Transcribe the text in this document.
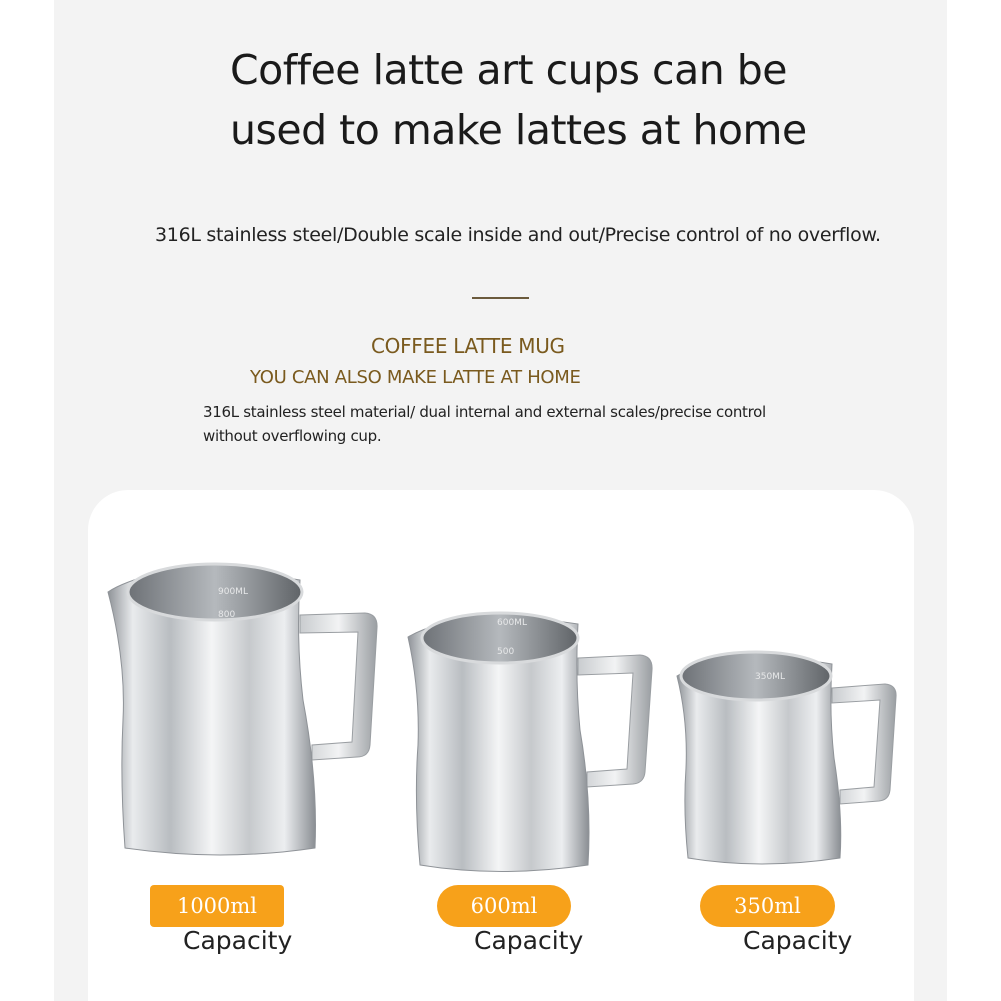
Coffee latte art cups can be
used to make lattes at home
316L stainless steel/Double scale inside and out/Precise control of no overflow.
COFFEE LATTE MUG
YOU CAN ALSO MAKE LATTE AT HOME
316L stainless steel material/ dual internal and external scales/precise control
without overflowing cup.
900ML
800
600ML
500
350ML
1000ml	600ml	350ml
Capacity	Capacity	Capacity
